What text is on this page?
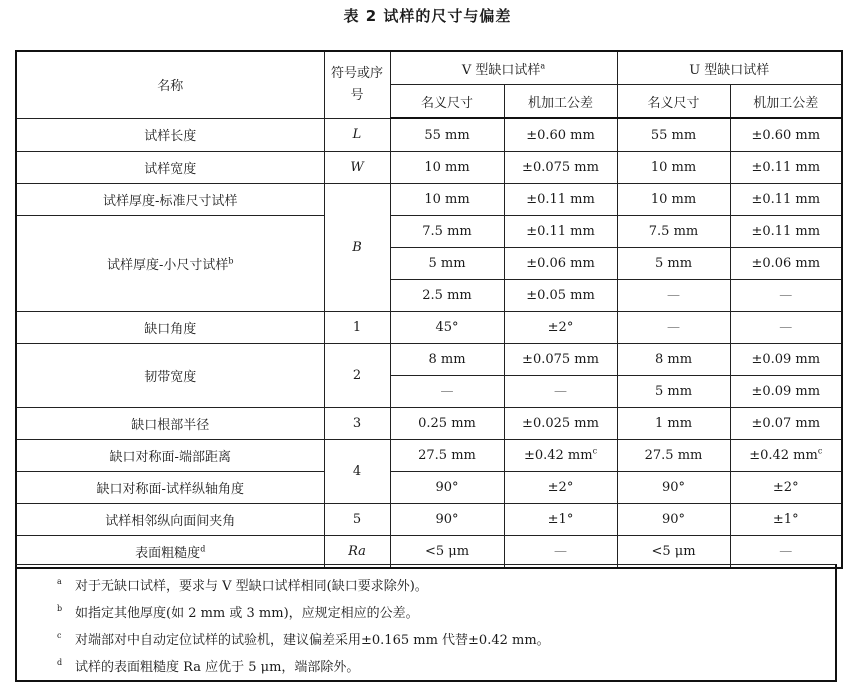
表 2 试样的尺寸与偏差
名称	符号或序号	V 型缺口试样$^a$		U 型缺口试样	
		名义尺寸	机加工公差	名义尺寸	机加工公差
试样长度	L	55 mm	±0.60 mm	55 mm	±0.60 mm
试样宽度	W	10 mm	±0.075 mm	10 mm	±0.11 mm
试样厚度-标准尺寸试样	B	10 mm	±0.11 mm	10 mm	±0.11 mm
试样厚度-小尺寸试样$^b$		7.5 mm	±0.11 mm	7.5 mm	±0.11 mm
		5 mm	±0.06 mm	5 mm	±0.06 mm
		2.5 mm	±0.05 mm	—	—
缺口角度	1	45°	±2°	—	—
韧带宽度	2	8 mm	±0.075 mm	8 mm	±0.09 mm
		—	—	5 mm	±0.09 mm
缺口根部半径	3	0.25 mm	±0.025 mm	1 mm	±0.07 mm
缺口对称面-端部距离	4	27.5 mm	±0.42 $mm^c$	27.5 mm	±0.42 $mm^c$
缺口对称面-试样纵轴角度		90°	±2°	90°	±2°
试样相邻纵向面间夹角	5	90°	±1°	90°	±1°
表面粗糙度$^d$	Ra	<5 μm	—	<5 μm	—
a 对于无缺口试样，要求与 V 型缺口试样相同(缺口要求除外)。
b 如指定其他厚度(如 2 mm 或 3 mm)，应规定相应的公差。
c 对端部对中自动定位试样的试验机，建议偏差采用±0.165 mm 代替±0.42 mm。
d 试样的表面粗糙度 Ra 应优于 5 μm，端部除外。
